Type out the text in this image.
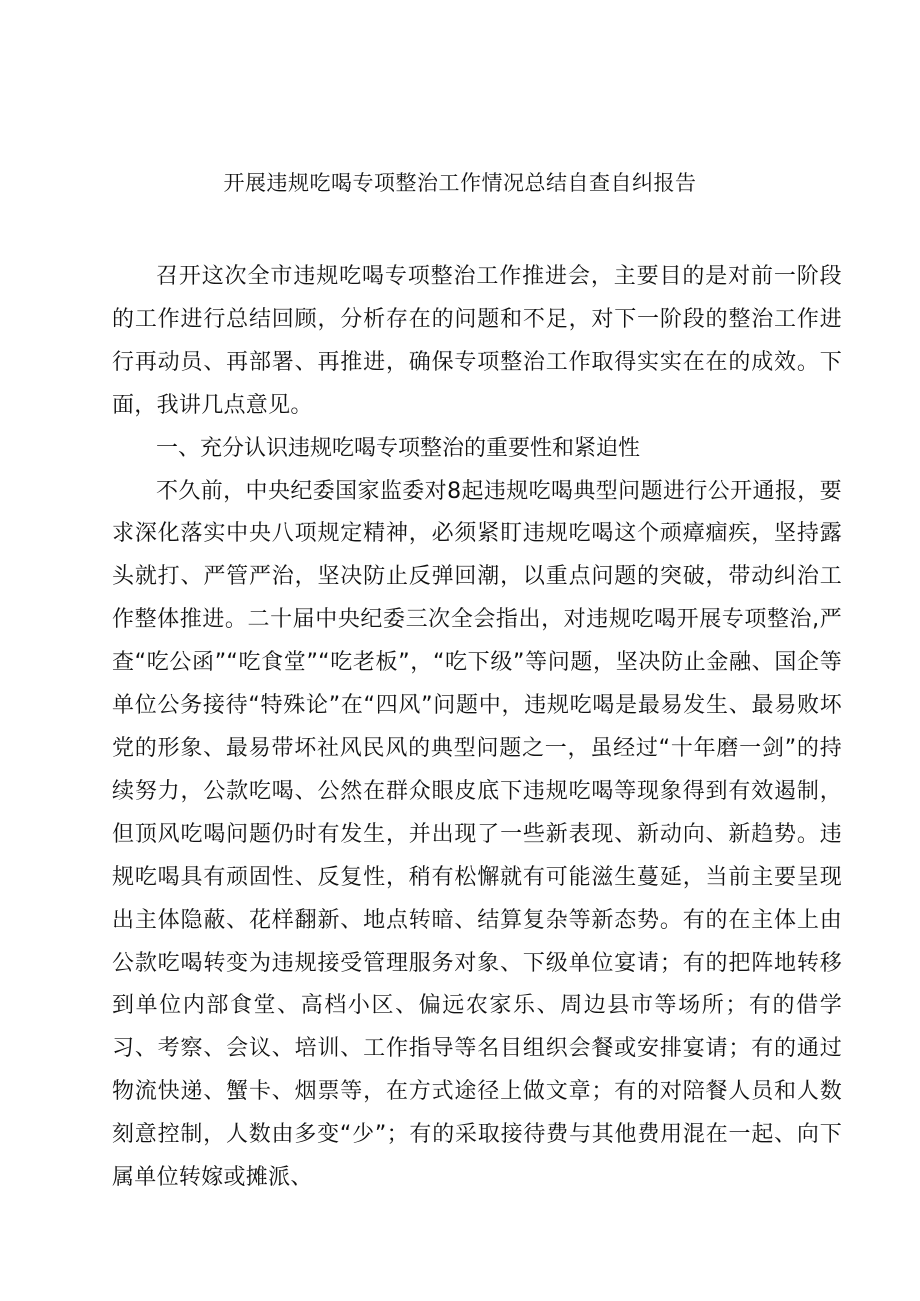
开展违规吃喝专项整治工作情况总结自查自纠报告

召开这次全市违规吃喝专项整治工作推进会，主要目的是对前一阶段的工作进行总结回顾，分析存在的问题和不足，对下一阶段的整治工作进行再动员、再部署、再推进，确保专项整治工作取得实实在在的成效。下面，我讲几点意见。

一、充分认识违规吃喝专项整治的重要性和紧迫性

不久前，中央纪委国家监委对8起违规吃喝典型问题进行公开通报，要求深化落实中央八项规定精神，必须紧盯违规吃喝这个顽瘴痼疾，坚持露头就打、严管严治，坚决防止反弹回潮，以重点问题的突破，带动纠治工作整体推进。二十届中央纪委三次全会指出，对违规吃喝开展专项整治,严查“吃公函”“吃食堂”“吃老板”，“吃下级”等问题，坚决防止金融、国企等单位公务接待“特殊论”在“四风”问题中，违规吃喝是最易发生、最易败坏党的形象、最易带坏社风民风的典型问题之一，虽经过“十年磨一剑”的持续努力，公款吃喝、公然在群众眼皮底下违规吃喝等现象得到有效遏制，但顶风吃喝问题仍时有发生，并出现了一些新表现、新动向、新趋势。违规吃喝具有顽固性、反复性，稍有松懈就有可能滋生蔓延，当前主要呈现出主体隐蔽、花样翻新、地点转暗、结算复杂等新态势。有的在主体上由公款吃喝转变为违规接受管理服务对象、下级单位宴请；有的把阵地转移到单位内部食堂、高档小区、偏远农家乐、周边县市等场所；有的借学习、考察、会议、培训、工作指导等名目组织会餐或安排宴请；有的通过物流快递、蟹卡、烟票等，在方式途径上做文章；有的对陪餐人员和人数刻意控制，人数由多变“少”；有的采取接待费与其他费用混在一起、向下属单位转嫁或摊派、
